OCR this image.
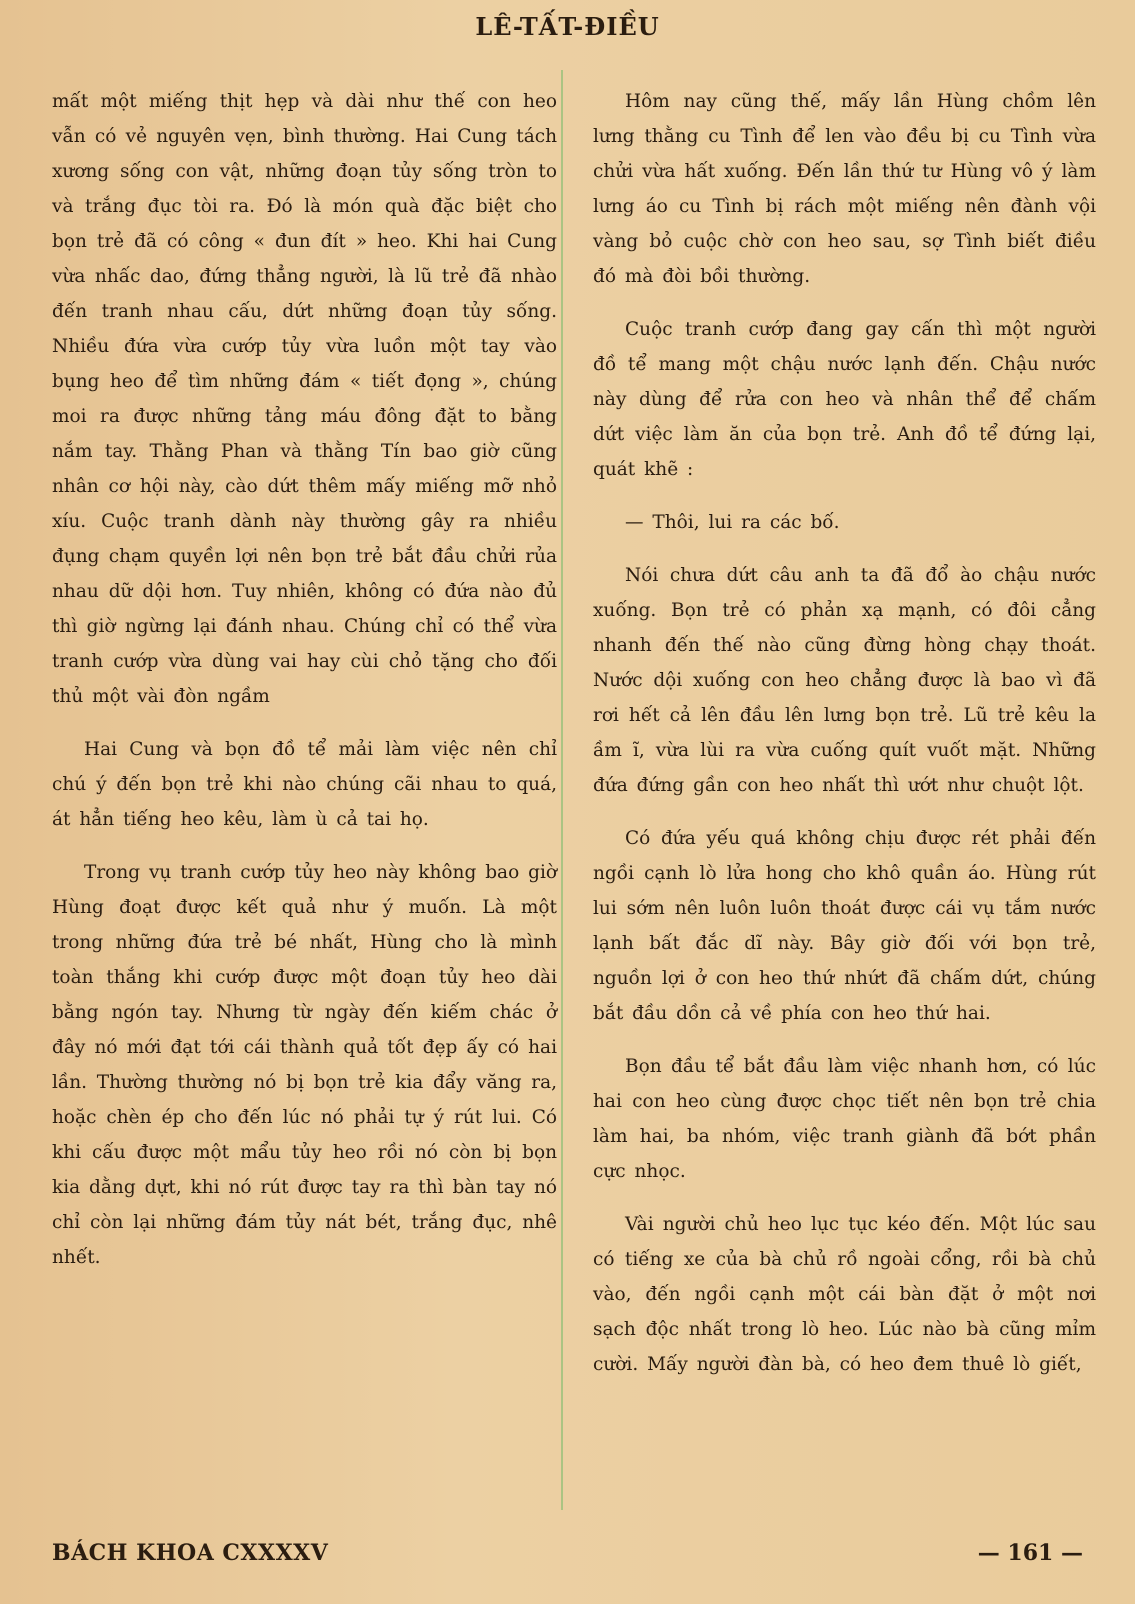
LÊ-TẤT-ĐIỀU

mất một miếng thịt hẹp và dài như thế con heo vẫn có vẻ nguyên vẹn, bình thường. Hai Cung tách xương sống con vật, những đoạn tủy sống tròn to và trắng đục tòi ra. Đó là món quà đặc biệt cho bọn trẻ đã có công « đun đít » heo. Khi hai Cung vừa nhấc dao, đứng thẳng người, là lũ trẻ đã nhào đến tranh nhau cấu, dứt những đoạn tủy sống. Nhiều đứa vừa cướp tủy vừa luồn một tay vào bụng heo để tìm những đám « tiết đọng », chúng moi ra được những tảng máu đông đặt to bằng nắm tay. Thằng Phan và thằng Tín bao giờ cũng nhân cơ hội này, cào dứt thêm mấy miếng mỡ nhỏ xíu. Cuộc tranh dành này thường gây ra nhiều đụng chạm quyền lợi nên bọn trẻ bắt đầu chửi rủa nhau dữ dội hơn. Tuy nhiên, không có đứa nào đủ thì giờ ngừng lại đánh nhau. Chúng chỉ có thể vừa tranh cướp vừa dùng vai hay cùi chỏ tặng cho đối thủ một vài đòn ngầm

Hai Cung và bọn đồ tể mải làm việc nên chỉ chú ý đến bọn trẻ khi nào chúng cãi nhau to quá, át hẳn tiếng heo kêu, làm ù cả tai họ.

Trong vụ tranh cướp tủy heo này không bao giờ Hùng đoạt được kết quả như ý muốn. Là một trong những đứa trẻ bé nhất, Hùng cho là mình toàn thắng khi cướp được một đoạn tủy heo dài bằng ngón tay. Nhưng từ ngày đến kiếm chác ở đây nó mới đạt tới cái thành quả tốt đẹp ấy có hai lần. Thường thường nó bị bọn trẻ kia đẩy văng ra, hoặc chèn ép cho đến lúc nó phải tự ý rút lui. Có khi cấu được một mẩu tủy heo rồi nó còn bị bọn kia dằng dựt, khi nó rút được tay ra thì bàn tay nó chỉ còn lại những đám tủy nát bét, trắng đục, nhê nhết.

Hôm nay cũng thế, mấy lần Hùng chồm lên lưng thằng cu Tình để len vào đều bị cu Tình vừa chửi vừa hất xuống. Đến lần thứ tư Hùng vô ý làm lưng áo cu Tình bị rách một miếng nên đành vội vàng bỏ cuộc chờ con heo sau, sợ Tình biết điều đó mà đòi bồi thường.

Cuộc tranh cướp đang gay cấn thì một người đồ tể mang một chậu nước lạnh đến. Chậu nước này dùng để rửa con heo và nhân thể để chấm dứt việc làm ăn của bọn trẻ. Anh đồ tể đứng lại, quát khẽ :

— Thôi, lui ra các bố.

Nói chưa dứt câu anh ta đã đổ ào chậu nước xuống. Bọn trẻ có phản xạ mạnh, có đôi cẳng nhanh đến thế nào cũng đừng hòng chạy thoát. Nước dội xuống con heo chẳng được là bao vì đã rơi hết cả lên đầu lên lưng bọn trẻ. Lũ trẻ kêu la ầm ĩ, vừa lùi ra vừa cuống quít vuốt mặt. Những đứa đứng gần con heo nhất thì ướt như chuột lột.

Có đứa yếu quá không chịu được rét phải đến ngồi cạnh lò lửa hong cho khô quần áo. Hùng rút lui sớm nên luôn luôn thoát được cái vụ tắm nước lạnh bất đắc dĩ này. Bây giờ đối với bọn trẻ, nguồn lợi ở con heo thứ nhứt đã chấm dứt, chúng bắt đầu dồn cả về phía con heo thứ hai.

Bọn đầu tể bắt đầu làm việc nhanh hơn, có lúc hai con heo cùng được chọc tiết nên bọn trẻ chia làm hai, ba nhóm, việc tranh giành đã bớt phần cực nhọc.

Vài người chủ heo lục tục kéo đến. Một lúc sau có tiếng xe của bà chủ rồ ngoài cổng, rồi bà chủ vào, đến ngồi cạnh một cái bàn đặt ở một nơi sạch độc nhất trong lò heo. Lúc nào bà cũng mỉm cười. Mấy người đàn bà, có heo đem thuê lò giết,

BÁCH KHOA CXXXXV	— 161 —
